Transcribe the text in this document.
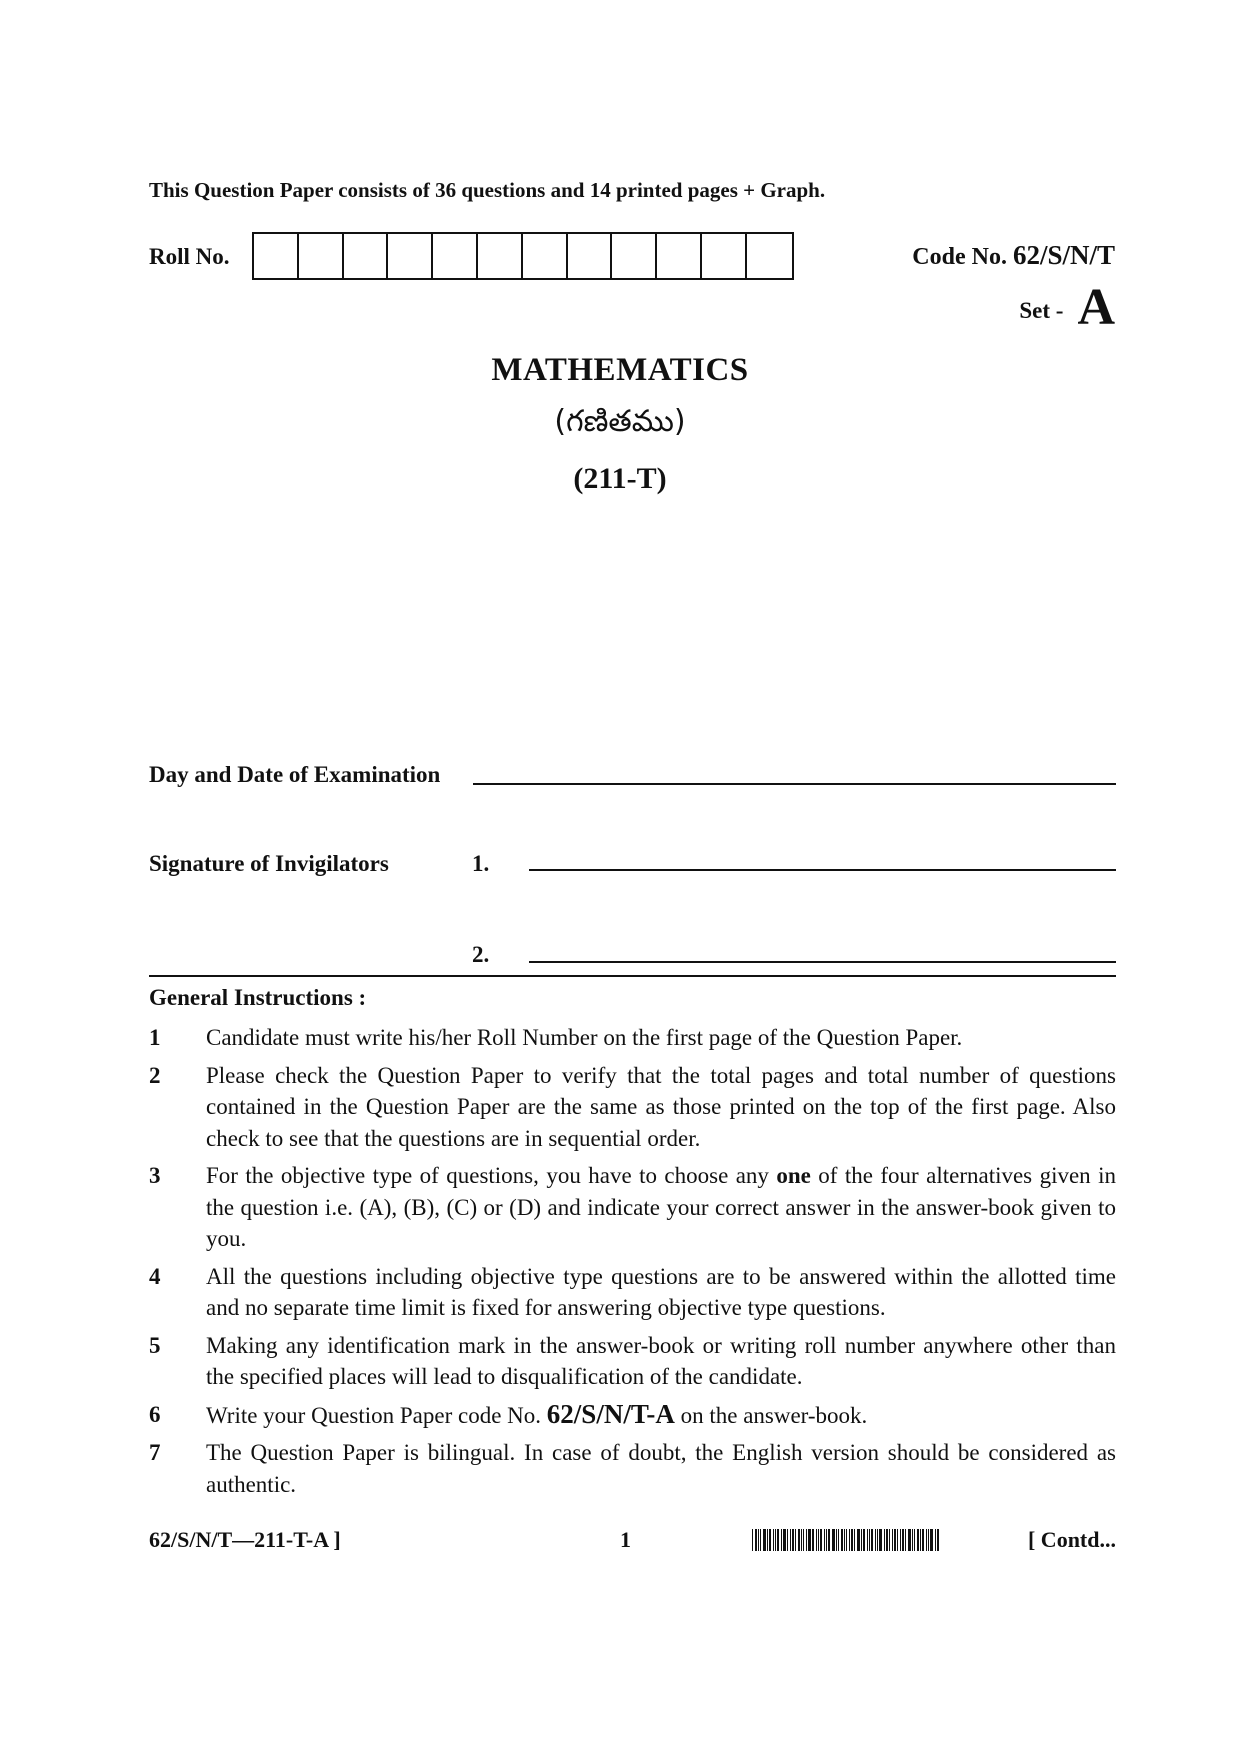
This Question Paper consists of 36 questions and 14 printed pages + Graph.
Roll No.	Code No. 62/S/N/T
Set - A
MATHEMATICS
(గణితము)
(211-T)
Day and Date of Examination
Signature of Invigilators	1.
2.
General Instructions :
1	Candidate must write his/her Roll Number on the first page of the Question Paper.
2	Please check the Question Paper to verify that the total pages and total number of questions contained in the Question Paper are the same as those printed on the top of the first page. Also check to see that the questions are in sequential order.
3	For the objective type of questions, you have to choose any one of the four alternatives given in the question i.e. (A), (B), (C) or (D) and indicate your correct answer in the answer-book given to you.
4	All the questions including objective type questions are to be answered within the allotted time and no separate time limit is fixed for answering objective type questions.
5	Making any identification mark in the answer-book or writing roll number anywhere other than the specified places will lead to disqualification of the candidate.
6	Write your Question Paper code No. 62/S/N/T-A on the answer-book.
7	The Question Paper is bilingual. In case of doubt, the English version should be considered as authentic.
62/S/N/T—211-T-A ]	1	[ Contd...
